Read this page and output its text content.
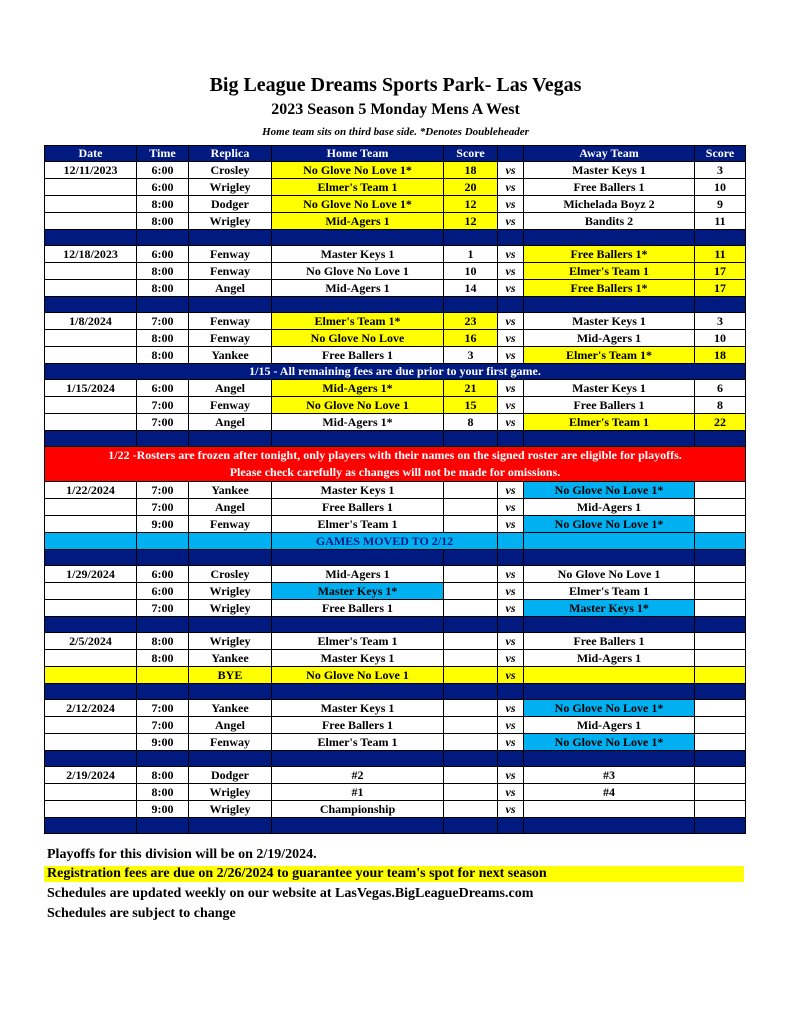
Big League Dreams Sports Park- Las Vegas
2023 Season 5 Monday Mens A West
Home team sits on third base side. *Denotes Doubleheader
Date	Time	Replica	Home Team	Score		Away Team	Score
12/11/2023	6:00	Crosley	No Glove No Love 1*	18	vs	Master Keys 1	3
	6:00	Wrigley	Elmer's Team 1	20	vs	Free Ballers 1	10
	8:00	Dodger	No Glove No Love 1*	12	vs	Michelada Boyz 2	9
	8:00	Wrigley	Mid-Agers 1	12	vs	Bandits 2	11

12/18/2023	6:00	Fenway	Master Keys 1	1	vs	Free Ballers 1*	11
	8:00	Fenway	No Glove No Love 1	10	vs	Elmer's Team 1	17
	8:00	Angel	Mid-Agers 1	14	vs	Free Ballers 1*	17

1/8/2024	7:00	Fenway	Elmer's Team 1*	23	vs	Master Keys 1	3
	8:00	Fenway	No Glove No Love	16	vs	Mid-Agers 1	10
	8:00	Yankee	Free Ballers 1	3	vs	Elmer's Team 1*	18
1/15 - All remaining fees are due prior to your first game.							
1/15/2024	6:00	Angel	Mid-Agers 1*	21	vs	Master Keys 1	6
	7:00	Fenway	No Glove No Love 1	15	vs	Free Ballers 1	8
	7:00	Angel	Mid-Agers 1*	8	vs	Elmer's Team 1	22

1/22 -Rosters are frozen after tonight, only players with their names on the signed roster are eligible for playoffs.
Please check carefully as changes will not be made for omissions.							

1/22/2024	7:00	Yankee	Master Keys 1		vs	No Glove No Love 1*	
	7:00	Angel	Free Ballers 1		vs	Mid-Agers 1	
	9:00	Fenway	Elmer's Team 1		vs	No Glove No Love 1*	
			GAMES MOVED TO 2/12				

1/29/2024	6:00	Crosley	Mid-Agers 1		vs	No Glove No Love 1	
	6:00	Wrigley	Master Keys 1*		vs	Elmer's Team 1	
	7:00	Wrigley	Free Ballers 1		vs	Master Keys 1*	

2/5/2024	8:00	Wrigley	Elmer's Team 1		vs	Free Ballers 1	
	8:00	Yankee	Master Keys 1		vs	Mid-Agers 1	
		BYE	No Glove No Love 1		vs		

2/12/2024	7:00	Yankee	Master Keys 1		vs	No Glove No Love 1*	
	7:00	Angel	Free Ballers 1		vs	Mid-Agers 1	
	9:00	Fenway	Elmer's Team 1		vs	No Glove No Love 1*	

2/19/2024	8:00	Dodger	#2		vs	#3	
	8:00	Wrigley	#1		vs	#4	
	9:00	Wrigley	Championship		vs		

Playoffs for this division will be on 2/19/2024.
Registration fees are due on 2/26/2024 to guarantee your team's spot for next season
Schedules are updated weekly on our website at LasVegas.BigLeagueDreams.com
Schedules are subject to change
